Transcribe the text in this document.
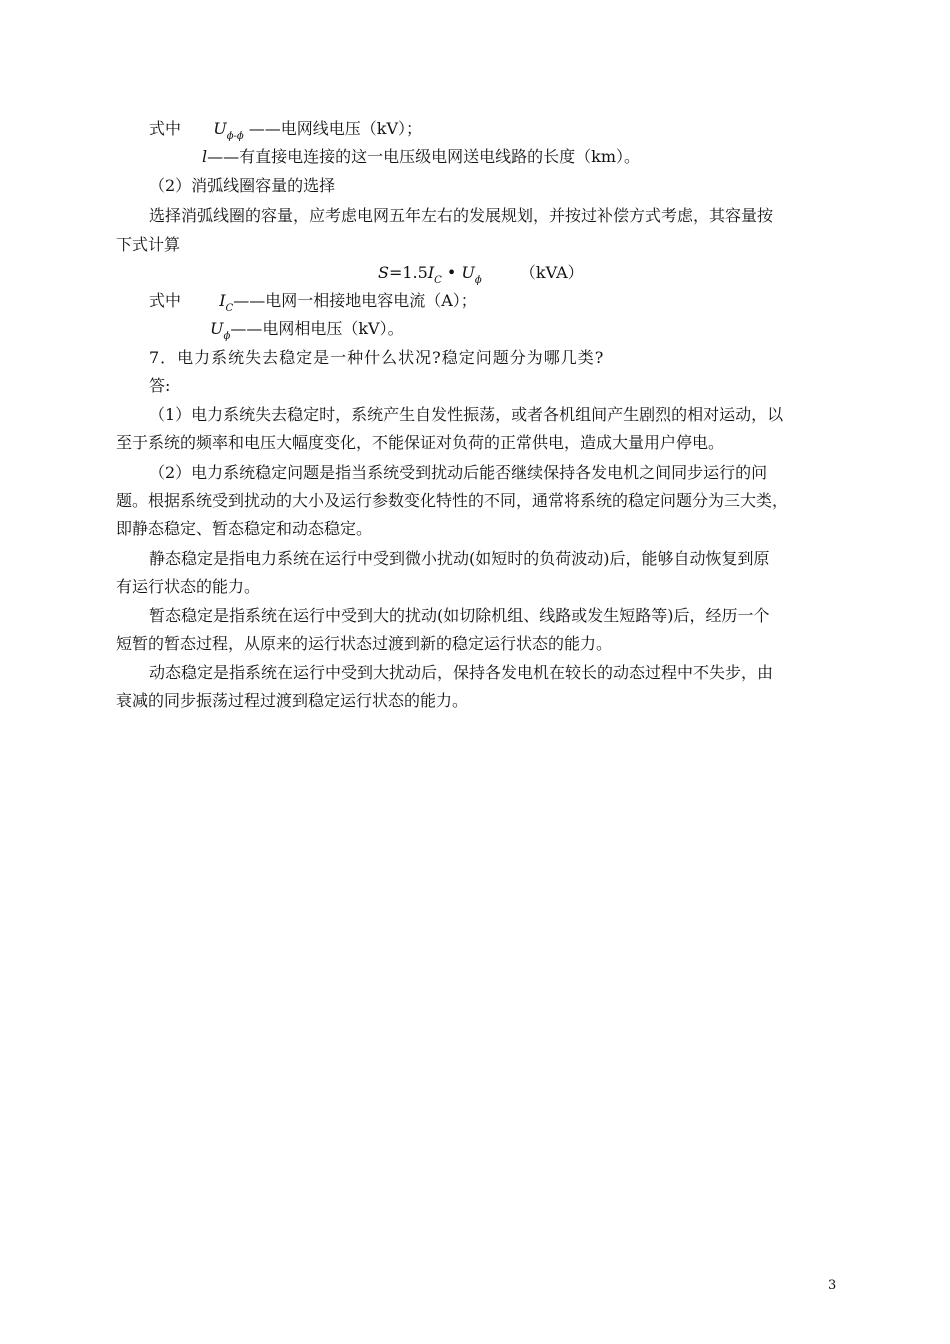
式中 $U_{\phi-\phi}$ ——电网线电压（kV）；
l——有直接电连接的这一电压级电网送电线路的长度（km）。
（2）消弧线圈容量的选择
选择消弧线圈的容量，应考虑电网五年左右的发展规划，并按过补偿方式考虑，其容量按
下式计算
$S=1.5I_C$ • $U_\phi$ （kVA）
式中 $I_C——$电网一相接地电容电流（A）；
$U_\phi——$电网相电压（kV）。
7．电力系统失去稳定是一种什么状况?稳定问题分为哪几类?
答:
（1）电力系统失去稳定时，系统产生自发性振荡，或者各机组间产生剧烈的相对运动，以
至于系统的频率和电压大幅度变化，不能保证对负荷的正常供电，造成大量用户停电。
（2）电力系统稳定问题是指当系统受到扰动后能否继续保持各发电机之间同步运行的问
题。根据系统受到扰动的大小及运行参数变化特性的不同，通常将系统的稳定问题分为三大类，
即静态稳定、暂态稳定和动态稳定。
静态稳定是指电力系统在运行中受到微小扰动(如短时的负荷波动)后，能够自动恢复到原
有运行状态的能力。
暂态稳定是指系统在运行中受到大的扰动(如切除机组、线路或发生短路等)后，经历一个
短暂的暂态过程，从原来的运行状态过渡到新的稳定运行状态的能力。
动态稳定是指系统在运行中受到大扰动后，保持各发电机在较长的动态过程中不失步，由
衰减的同步振荡过程过渡到稳定运行状态的能力。
3
